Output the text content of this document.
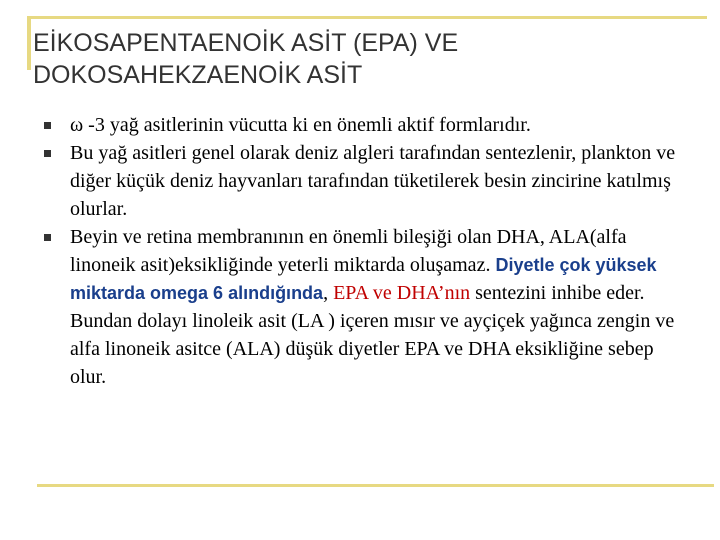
EİKOSAPENTAENOİK ASİT (EPA) VE
DOKOSAHEKZAENOİK ASİT
ω -3 yağ asitlerinin vücutta ki en önemli aktif formlarıdır.
Bu yağ asitleri genel olarak deniz algleri tarafından sentezlenir, plankton ve diğer küçük deniz hayvanları tarafından tüketilerek besin zincirine katılmış olurlar.
Beyin ve retina membranının en önemli bileşiği olan DHA, ALA(alfa linoneik asit)eksikliğinde yeterli miktarda oluşamaz. Diyetle çok yüksek miktarda omega 6 alındığında, EPA ve DHA’nın sentezini inhibe eder. Bundan dolayı linoleik asit (LA ) içeren mısır ve ayçiçek yağınca zengin ve alfa linoneik asitce (ALA) düşük diyetler EPA ve DHA eksikliğine sebep olur.
